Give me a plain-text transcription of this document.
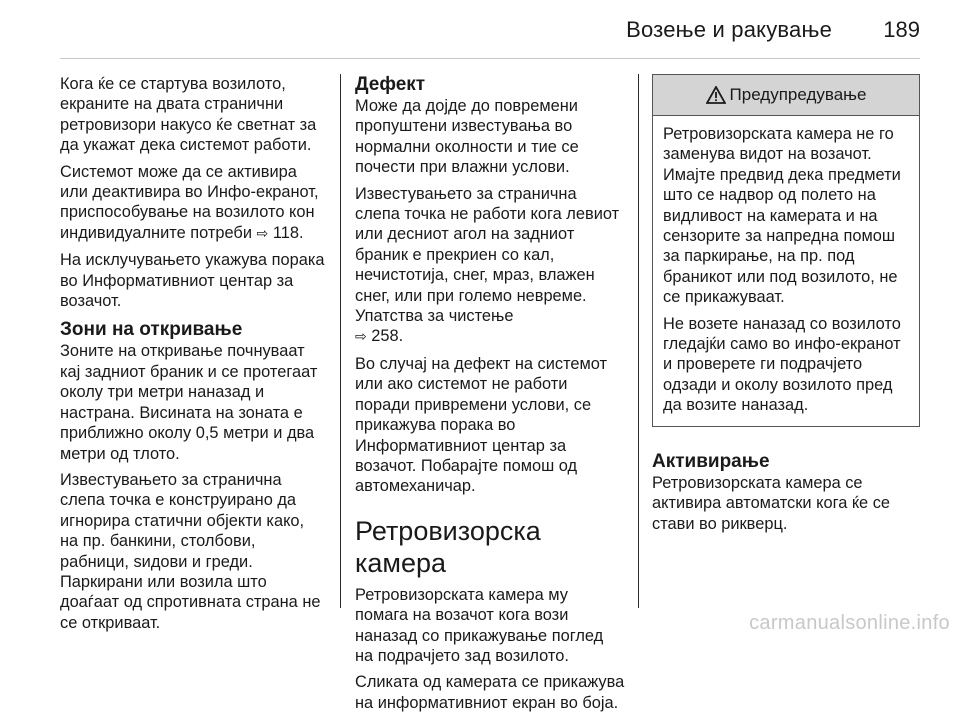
Возење и ракување 189

Кога ќе се стартува возилото, екраните на двата странични ретровизори накусо ќе светнат за да укажат дека системот работи.

Системот може да се активира или деактивира во Инфо-екранот, приспособување на возилото кон индивидуалните потреби ⇨ 118.

На исклучувањето укажува порака во Информативниот центар за возачот.

Зони на откривање

Зоните на откривање почнуваат кај задниот браник и се протегаат околу три метри наназад и настрана. Висината на зоната е приближно околу 0,5 метри и два метри од тлото.

Известувањето за странична слепа точка е конструирано да игнорира статични објекти како, на пр. банкини, столбови, рабници, ѕидови и греди. Паркирани или возила што доаѓаат од спротивната страна не се откриваат.

Дефект

Може да дојде до повремени пропуштени известувања во нормални околности и тие се почести при влажни услови.

Известувањето за странична слепа точка не работи кога левиот или десниот агол на задниот браник е прекриен со кал, нечистотија, снег, мраз, влажен снег, или при големо невреме. Упатства за чистење
⇨ 258.

Во случај на дефект на системот или ако системот не работи поради привремени услови, се прикажува порака во Информативниот центар за возачот. Побарајте помош од автомеханичар.

Ретровизорска камера

Ретровизорската камера му помага на возачот кога вози наназад со прикажување поглед на подрачјето зад возилото.

Сликата од камерата се прикажува на информативниот екран во боја.

Предупредување

Ретровизорската камера не го заменува видот на возачот. Имајте предвид дека предмети што се надвор од полето на видливост на камерата и на сензорите за напредна помош за паркирање, на пр. под браникот или под возилото, не се прикажуваат.

Не возете наназад со возилото гледајќи само во инфо-екранот и проверете ги подрачјето одзади и околу возилото пред да возите наназад.

Активирање

Ретровизорската камера се активира автоматски кога ќе се стави во рикверц.

carmanualsonline.info
